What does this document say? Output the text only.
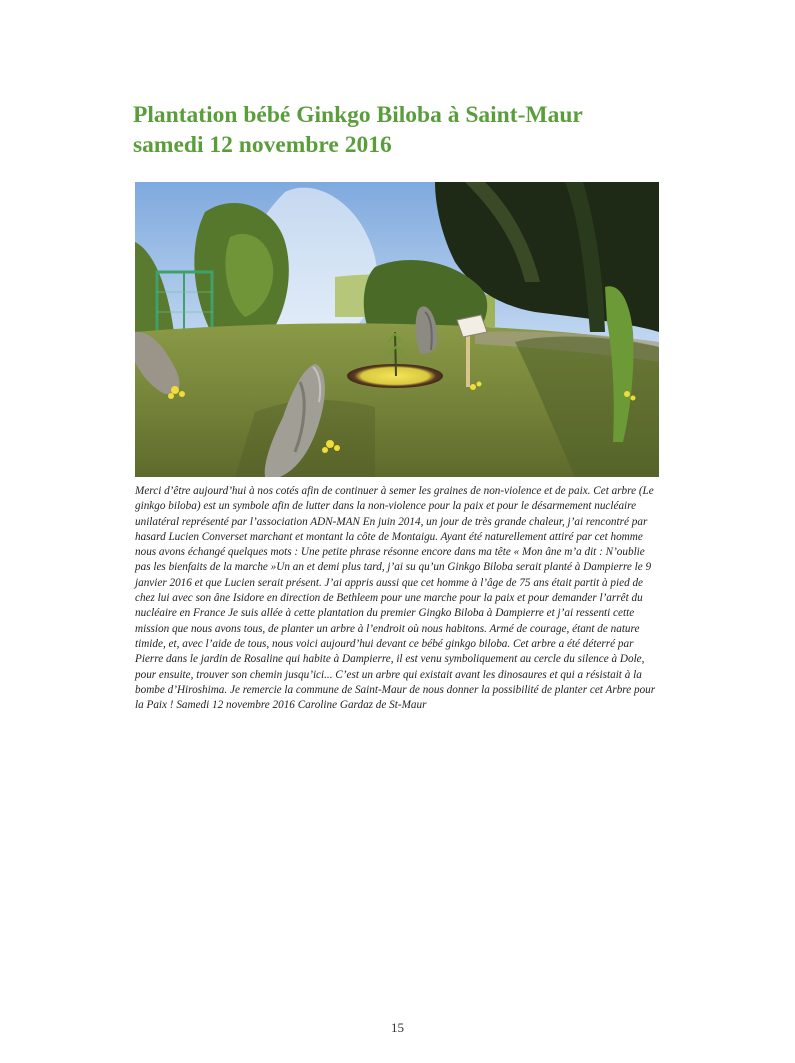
Plantation bébé Ginkgo Biloba à Saint-Maur
samedi 12 novembre 2016

Merci d’être aujourd’hui à nos cotés afin de continuer à semer les graines de non-violence et de paix. Cet arbre (Le ginkgo biloba) est un symbole afin de lutter dans la non-violence pour la paix et pour le désarmement nucléaire unilatéral représenté par l’association ADN-MAN En juin 2014, un jour de très grande chaleur, j’ai rencontré par hasard Lucien Converset marchant et montant la côte de Montaigu. Ayant été naturellement attiré par cet homme nous avons échangé quelques mots : Une petite phrase résonne encore dans ma tête « Mon âne m’a dit : N’oublie pas les bienfaits de la marche »Un an et demi plus tard, j’ai su qu’un Ginkgo Biloba serait planté à Dampierre le 9 janvier 2016 et que Lucien serait présent. J’ai appris aussi que cet homme à l’âge de 75 ans était partit à pied de chez lui avec son âne Isidore en direction de Bethleem pour une marche pour la paix et pour demander l’arrêt du nucléaire en France Je suis allée à cette plantation du premier Gingko Biloba à Dampierre et j’ai ressenti cette mission que nous avons tous, de planter un arbre à l’endroit où nous habitons. Armé de courage, étant de nature timide, et, avec l’aide de tous, nous voici aujourd’hui devant ce bébé ginkgo biloba. Cet arbre a été déterré par Pierre dans le jardin de Rosaline qui habite à Dampierre, il est venu symboliquement au cercle du silence à Dole, pour ensuite, trouver son chemin jusqu’ici... C’est un arbre qui existait avant les dinosaures et qui a résistait à la bombe d’Hiroshima. Je remercie la commune de Saint-Maur de nous donner la possibilité de planter cet Arbre pour la Paix ! Samedi 12 novembre 2016 Caroline Gardaz de St-Maur

15
